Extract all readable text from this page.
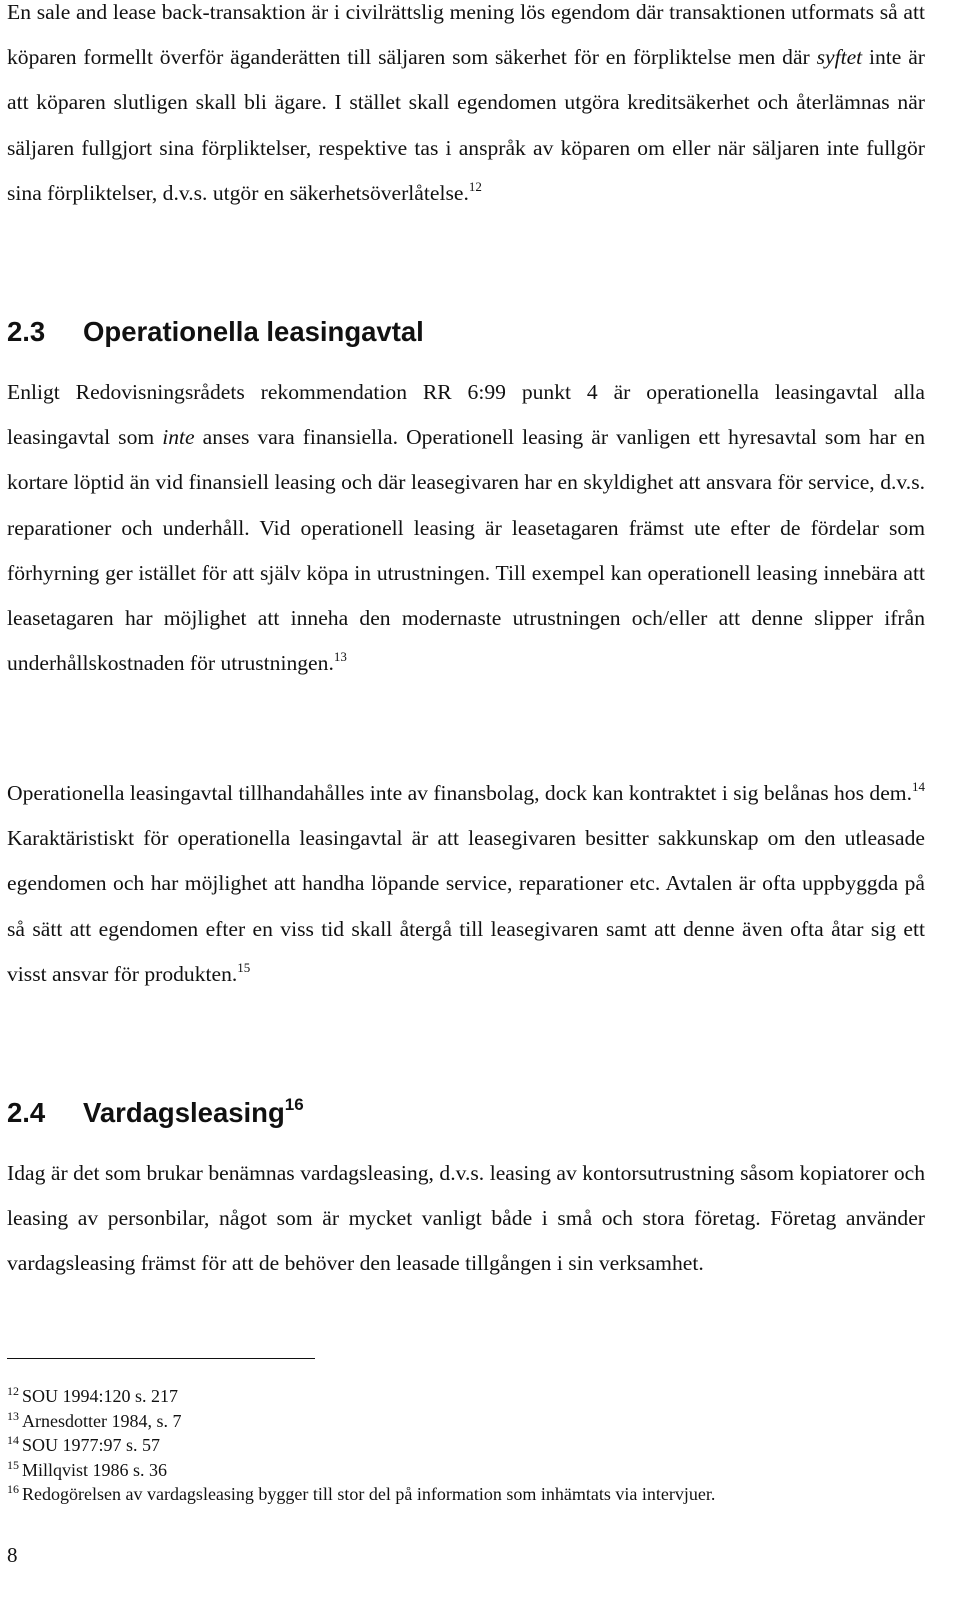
En sale and lease back-transaktion är i civilrättslig mening lös egendom där transaktionen utformats så att köparen formellt överför äganderätten till säljaren som säkerhet för en förpliktelse men där syftet inte är att köparen slutligen skall bli ägare. I stället skall egendomen utgöra kreditsäkerhet och återlämnas när säljaren fullgjort sina förpliktelser, respektive tas i anspråk av köparen om eller när säljaren inte fullgör sina förpliktelser, d.v.s. utgör en säkerhetsöverlåtelse.$^{12}$

2.3 Operationella leasingavtal

Enligt Redovisningsrådets rekommendation RR 6:99 punkt 4 är operationella leasingavtal alla leasingavtal som inte anses vara finansiella. Operationell leasing är vanligen ett hyresavtal som har en kortare löptid än vid finansiell leasing och där leasegivaren har en skyldighet att ansvara för service, d.v.s. reparationer och underhåll. Vid operationell leasing är leasetagaren främst ute efter de fördelar som förhyrning ger istället för att själv köpa in utrustningen. Till exempel kan operationell leasing innebära att leasetagaren har möjlighet att inneha den modernaste utrustningen och/eller att denne slipper ifrån underhållskostnaden för utrustningen.$^{13}$

Operationella leasingavtal tillhandahålles inte av finansbolag, dock kan kontraktet i sig belånas hos dem.$^{14}$ Karaktäristiskt för operationella leasingavtal är att leasegivaren besitter sakkunskap om den utleasade egendomen och har möjlighet att handha löpande service, reparationer etc. Avtalen är ofta uppbyggda på så sätt att egendomen efter en viss tid skall återgå till leasegivaren samt att denne även ofta åtar sig ett visst ansvar för produkten.$^{15}$

2.4 Vardagsleasing$^{16}$

Idag är det som brukar benämnas vardagsleasing, d.v.s. leasing av kontorsutrustning såsom kopiatorer och leasing av personbilar, något som är mycket vanligt både i små och stora företag. Företag använder vardagsleasing främst för att de behöver den leasade tillgången i sin verksamhet.

$^{12}$ SOU 1994:120 s. 217
$^{13}$ Arnesdotter 1984, s. 7
$^{14}$ SOU 1977:97 s. 57
$^{15}$ Millqvist 1986 s. 36
$^{16}$ Redogörelsen av vardagsleasing bygger till stor del på information som inhämtats via intervjuer.
8
